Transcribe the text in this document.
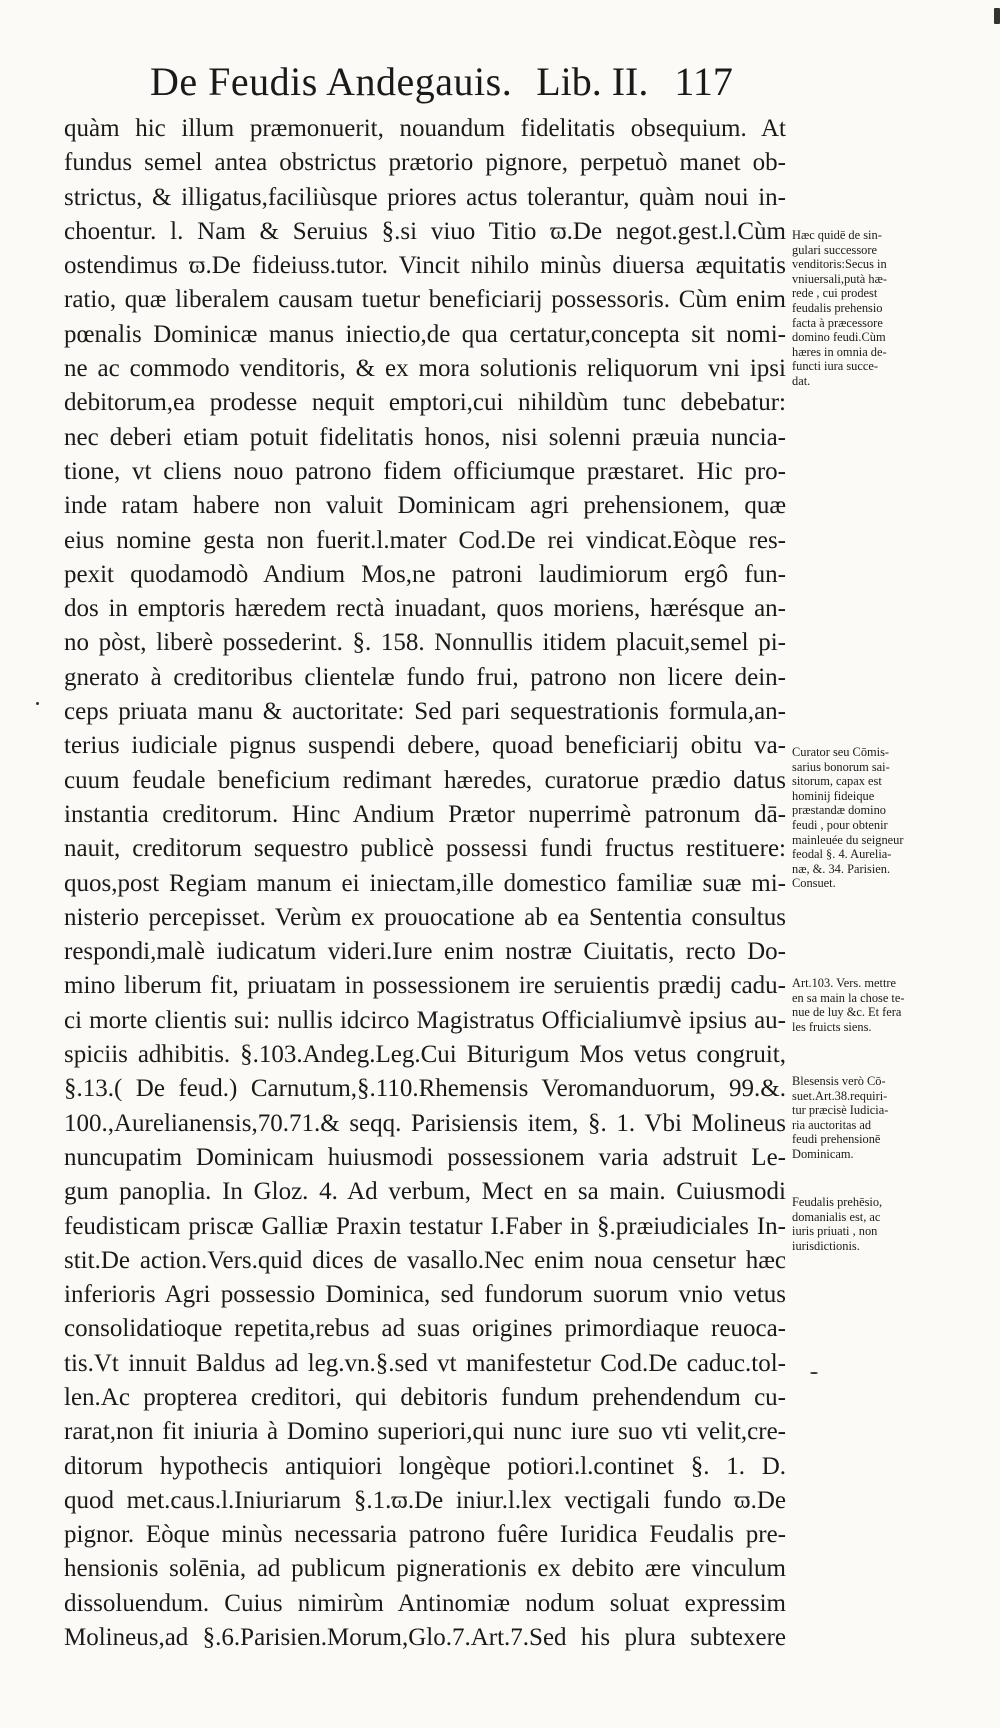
De Feudis Andegauis. Lib. II. 117
quàm hic illum præmonuerit, nouandum fidelitatis obsequium. At
fundus semel antea obstrictus prætorio pignore, perpetuò manet ob-
strictus, & illigatus,faciliùsque priores actus tolerantur, quàm noui in-
choentur. l. Nam & Seruius §.si viuo Titio ϖ.De negot.gest.l.Cùm
ostendimus ϖ.De fideiuss.tutor. Vincit nihilo minùs diuersa æquitatis
ratio, quæ liberalem causam tuetur beneficiarij possessoris. Cùm enim
pœnalis Dominicæ manus iniectio,de qua certatur,concepta sit nomi-
ne ac commodo venditoris, & ex mora solutionis reliquorum vni ipsi
debitorum,ea prodesse nequit emptori,cui nihildùm tunc debebatur:
nec deberi etiam potuit fidelitatis honos, nisi solenni præuia nuncia-
tione, vt cliens nouo patrono fidem officiumque præstaret. Hic pro-
inde ratam habere non valuit Dominicam agri prehensionem, quæ
eius nomine gesta non fuerit.l.mater Cod.De rei vindicat.Eòque res-
pexit quodamodò Andium Mos,ne patroni laudimiorum ergô fun-
dos in emptoris hæredem rectà inuadant, quos moriens, hærésque an-
no pòst, liberè possederint. §. 158. Nonnullis itidem placuit,semel pi-
gnerato à creditoribus clientelæ fundo frui, patrono non licere dein-
ceps priuata manu & auctoritate: Sed pari sequestrationis formula,an-
terius iudiciale pignus suspendi debere, quoad beneficiarij obitu va-
cuum feudale beneficium redimant hæredes, curatorue prædio datus
instantia creditorum. Hinc Andium Prætor nuperrimè patronum dā-
nauit, creditorum sequestro publicè possessi fundi fructus restituere:
quos,post Regiam manum ei iniectam,ille domestico familiæ suæ mi-
nisterio percepisset. Verùm ex prouocatione ab ea Sententia consultus
respondi,malè iudicatum videri.Iure enim nostræ Ciuitatis, recto Do-
mino liberum fit, priuatam in possessionem ire seruientis prædij cadu-
ci morte clientis sui: nullis idcirco Magistratus Officialiumvè ipsius au-
spiciis adhibitis. §.103.Andeg.Leg.Cui Biturigum Mos vetus congruit,
§.13.( De feud.) Carnutum,§.110.Rhemensis Veromanduorum, 99.&.
100.,Aurelianensis,70.71.& seqq. Parisiensis item, §. 1. Vbi Molineus
nuncupatim Dominicam huiusmodi possessionem varia adstruit Le-
gum panoplia. In Gloz. 4. Ad verbum, Mect en sa main. Cuiusmodi
feudisticam priscæ Galliæ Praxin testatur I.Faber in §.præiudiciales In-
stit.De action.Vers.quid dices de vasallo.Nec enim noua censetur hæc
inferioris Agri possessio Dominica, sed fundorum suorum vnio vetus
consolidatioque repetita,rebus ad suas origines primordiaque reuoca-
tis.Vt innuit Baldus ad leg.vn.§.sed vt manifestetur Cod.De caduc.tol-
len.Ac propterea creditori, qui debitoris fundum prehendendum cu-
rarat,non fit iniuria à Domino superiori,qui nunc iure suo vti velit,cre-
ditorum hypothecis antiquiori longèque potiori.l.continet §. 1. D.
quod met.caus.l.Iniuriarum §.1.ϖ.De iniur.l.lex vectigali fundo ϖ.De
pignor. Eòque minùs necessaria patrono fuêre Iuridica Feudalis pre-
hensionis solēnia, ad publicum pignerationis ex debito ære vinculum
dissoluendum. Cuius nimirùm Antinomiæ nodum soluat expressim
Molineus,ad §.6.Parisien.Morum,Glo.7.Art.7.Sed his plura subtexere
Hæc quidē de sin-
gulari successore
venditoris:Secus in
vniuersali,putà hæ-
rede , cui prodest
feudalis prehensio
facta à præcessore
domino feudi.Cùm
hæres in omnia de-
functi iura succe-
dat.
Curator seu Cōmis-
sarius bonorum sai-
sitorum, capax est
hominij fideique
præstandæ domino
feudi , pour obtenir
mainleuée du seigneur
feodal §. 4. Aurelia-
næ, &. 34. Parisien.
Consuet.
Art.103. Vers. mettre
en sa main la chose te-
nue de luy &c. Et fera
les fruicts siens.
Blesensis verò Cō-
suet.Art.38.requiri-
tur præcisè Iudicia-
ria auctoritas ad
feudi prehensionē
Dominicam.
Feudalis prehēsio,
domanialis est, ac
iuris priuati , non
iurisdictionis.
